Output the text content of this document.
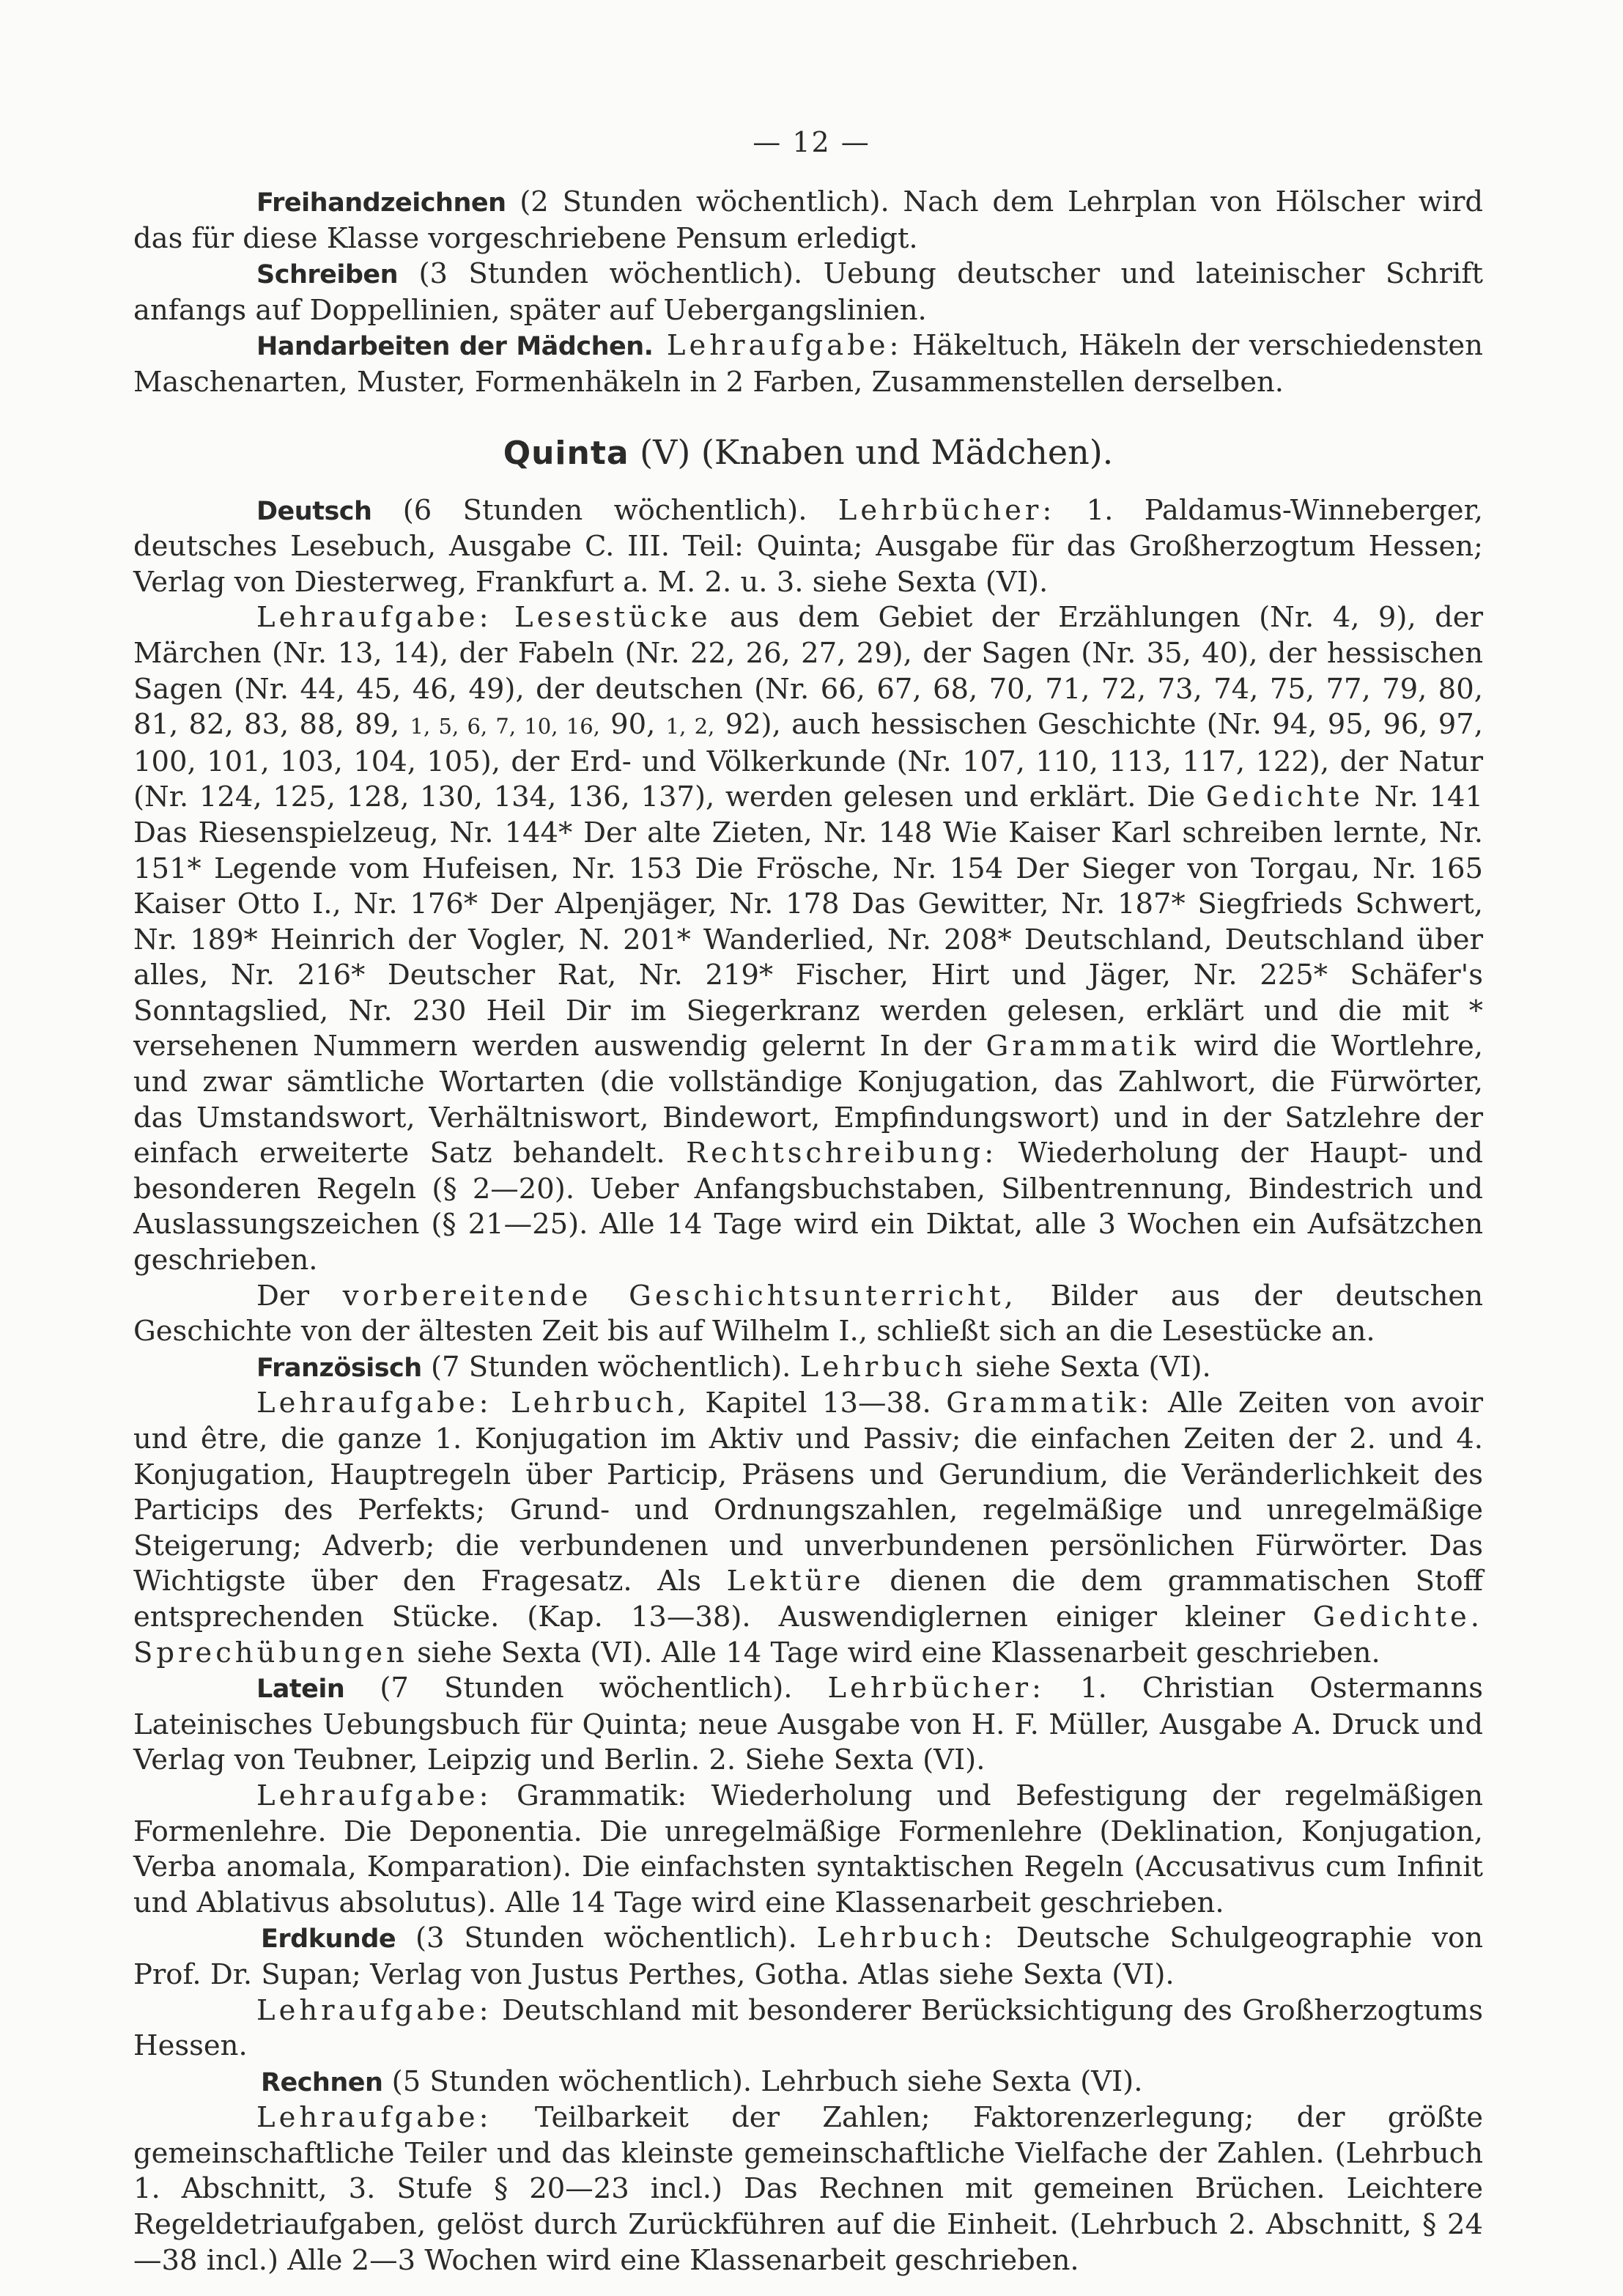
— 12 —

Freihandzeichnen (2 Stunden wöchentlich). Nach dem Lehrplan von Hölscher wird das für diese Klasse vorgeschriebene Pensum erledigt.

Schreiben (3 Stunden wöchentlich). Uebung deutscher und lateinischer Schrift anfangs auf Doppellinien, später auf Uebergangslinien.

Handarbeiten der Mädchen. Lehraufgabe: Häkeltuch, Häkeln der verschiedensten Maschenarten, Muster, Formenhäkeln in 2 Farben, Zusammenstellen derselben.

Quinta (V) (Knaben und Mädchen).

Deutsch (6 Stunden wöchentlich). Lehrbücher: 1. Paldamus-Winneberger, deutsches Lesebuch, Ausgabe C. III. Teil: Quinta; Ausgabe für das Großherzogtum Hessen; Verlag von Diesterweg, Frankfurt a. M. 2. u. 3. siehe Sexta (VI).

Lehraufgabe: Lesestücke aus dem Gebiet der Erzählungen (Nr. 4, 9), der Märchen (Nr. 13, 14), der Fabeln (Nr. 22, 26, 27, 29), der Sagen (Nr. 35, 40), der hessischen Sagen (Nr. 44, 45, 46, 49), der deutschen (Nr. 66, 67, 68, 70, 71, 72, 73, 74, 75, 77, 79, 80, 81, 82, 83, 88, 89, 1, 5, 6, 7, 10, 16, 90, 1, 2, 92), auch hessischen Geschichte (Nr. 94, 95, 96, 97, 100, 101, 103, 104, 105), der Erd- und Völkerkunde (Nr. 107, 110, 113, 117, 122), der Natur (Nr. 124, 125, 128, 130, 134, 136, 137), werden gelesen und erklärt. Die Gedichte Nr. 141 Das Riesenspielzeug, Nr. 144* Der alte Zieten, Nr. 148 Wie Kaiser Karl schreiben lernte, Nr. 151* Legende vom Hufeisen, Nr. 153 Die Frösche, Nr. 154 Der Sieger von Torgau, Nr. 165 Kaiser Otto I., Nr. 176* Der Alpenjäger, Nr. 178 Das Gewitter, Nr. 187* Siegfrieds Schwert, Nr. 189* Heinrich der Vogler, N. 201* Wanderlied, Nr. 208* Deutschland, Deutschland über alles, Nr. 216* Deutscher Rat, Nr. 219* Fischer, Hirt und Jäger, Nr. 225* Schäfer's Sonntagslied, Nr. 230 Heil Dir im Siegerkranz werden gelesen, erklärt und die mit * versehenen Nummern werden auswendig gelernt In der Grammatik wird die Wortlehre, und zwar sämtliche Wortarten (die vollständige Konjugation, das Zahlwort, die Fürwörter, das Umstandswort, Verhältniswort, Bindewort, Empfindungswort) und in der Satzlehre der einfach erweiterte Satz behandelt. Rechtschreibung: Wiederholung der Haupt- und besonderen Regeln (§ 2—20). Ueber Anfangsbuchstaben, Silbentrennung, Bindestrich und Auslassungszeichen (§ 21—25). Alle 14 Tage wird ein Diktat, alle 3 Wochen ein Aufsätzchen geschrieben.

Der vorbereitende Geschichtsunterricht, Bilder aus der deutschen Geschichte von der ältesten Zeit bis auf Wilhelm I., schließt sich an die Lesestücke an.

Französisch (7 Stunden wöchentlich). Lehrbuch siehe Sexta (VI).

Lehraufgabe: Lehrbuch, Kapitel 13—38. Grammatik: Alle Zeiten von avoir und être, die ganze 1. Konjugation im Aktiv und Passiv; die einfachen Zeiten der 2. und 4. Konjugation, Hauptregeln über Particip, Präsens und Gerundium, die Veränderlichkeit des Particips des Perfekts; Grund- und Ordnungszahlen, regelmäßige und unregelmäßige Steigerung; Adverb; die verbundenen und unverbundenen persönlichen Fürwörter. Das Wichtigste über den Fragesatz. Als Lektüre dienen die dem grammatischen Stoff entsprechenden Stücke. (Kap. 13—38). Auswendiglernen einiger kleiner Gedichte. Sprechübungen siehe Sexta (VI). Alle 14 Tage wird eine Klassenarbeit geschrieben.

Latein (7 Stunden wöchentlich). Lehrbücher: 1. Christian Ostermanns Lateinisches Uebungsbuch für Quinta; neue Ausgabe von H. F. Müller, Ausgabe A. Druck und Verlag von Teubner, Leipzig und Berlin. 2. Siehe Sexta (VI).

Lehraufgabe: Grammatik: Wiederholung und Befestigung der regelmäßigen Formenlehre. Die Deponentia. Die unregelmäßige Formenlehre (Deklination, Konjugation, Verba anomala, Komparation). Die einfachsten syntaktischen Regeln (Accusativus cum Infinit und Ablativus absolutus). Alle 14 Tage wird eine Klassenarbeit geschrieben.

Erdkunde (3 Stunden wöchentlich). Lehrbuch: Deutsche Schulgeographie von Prof. Dr. Supan; Verlag von Justus Perthes, Gotha. Atlas siehe Sexta (VI).

Lehraufgabe: Deutschland mit besonderer Berücksichtigung des Großherzogtums Hessen.

Rechnen (5 Stunden wöchentlich). Lehrbuch siehe Sexta (VI).

Lehraufgabe: Teilbarkeit der Zahlen; Faktorenzerlegung; der größte gemeinschaftliche Teiler und das kleinste gemeinschaftliche Vielfache der Zahlen. (Lehrbuch 1. Abschnitt, 3. Stufe § 20—23 incl.) Das Rechnen mit gemeinen Brüchen. Leichtere Regeldetriaufgaben, gelöst durch Zurückführen auf die Einheit. (Lehrbuch 2. Abschnitt, § 24—38 incl.) Alle 2—3 Wochen wird eine Klassenarbeit geschrieben.
